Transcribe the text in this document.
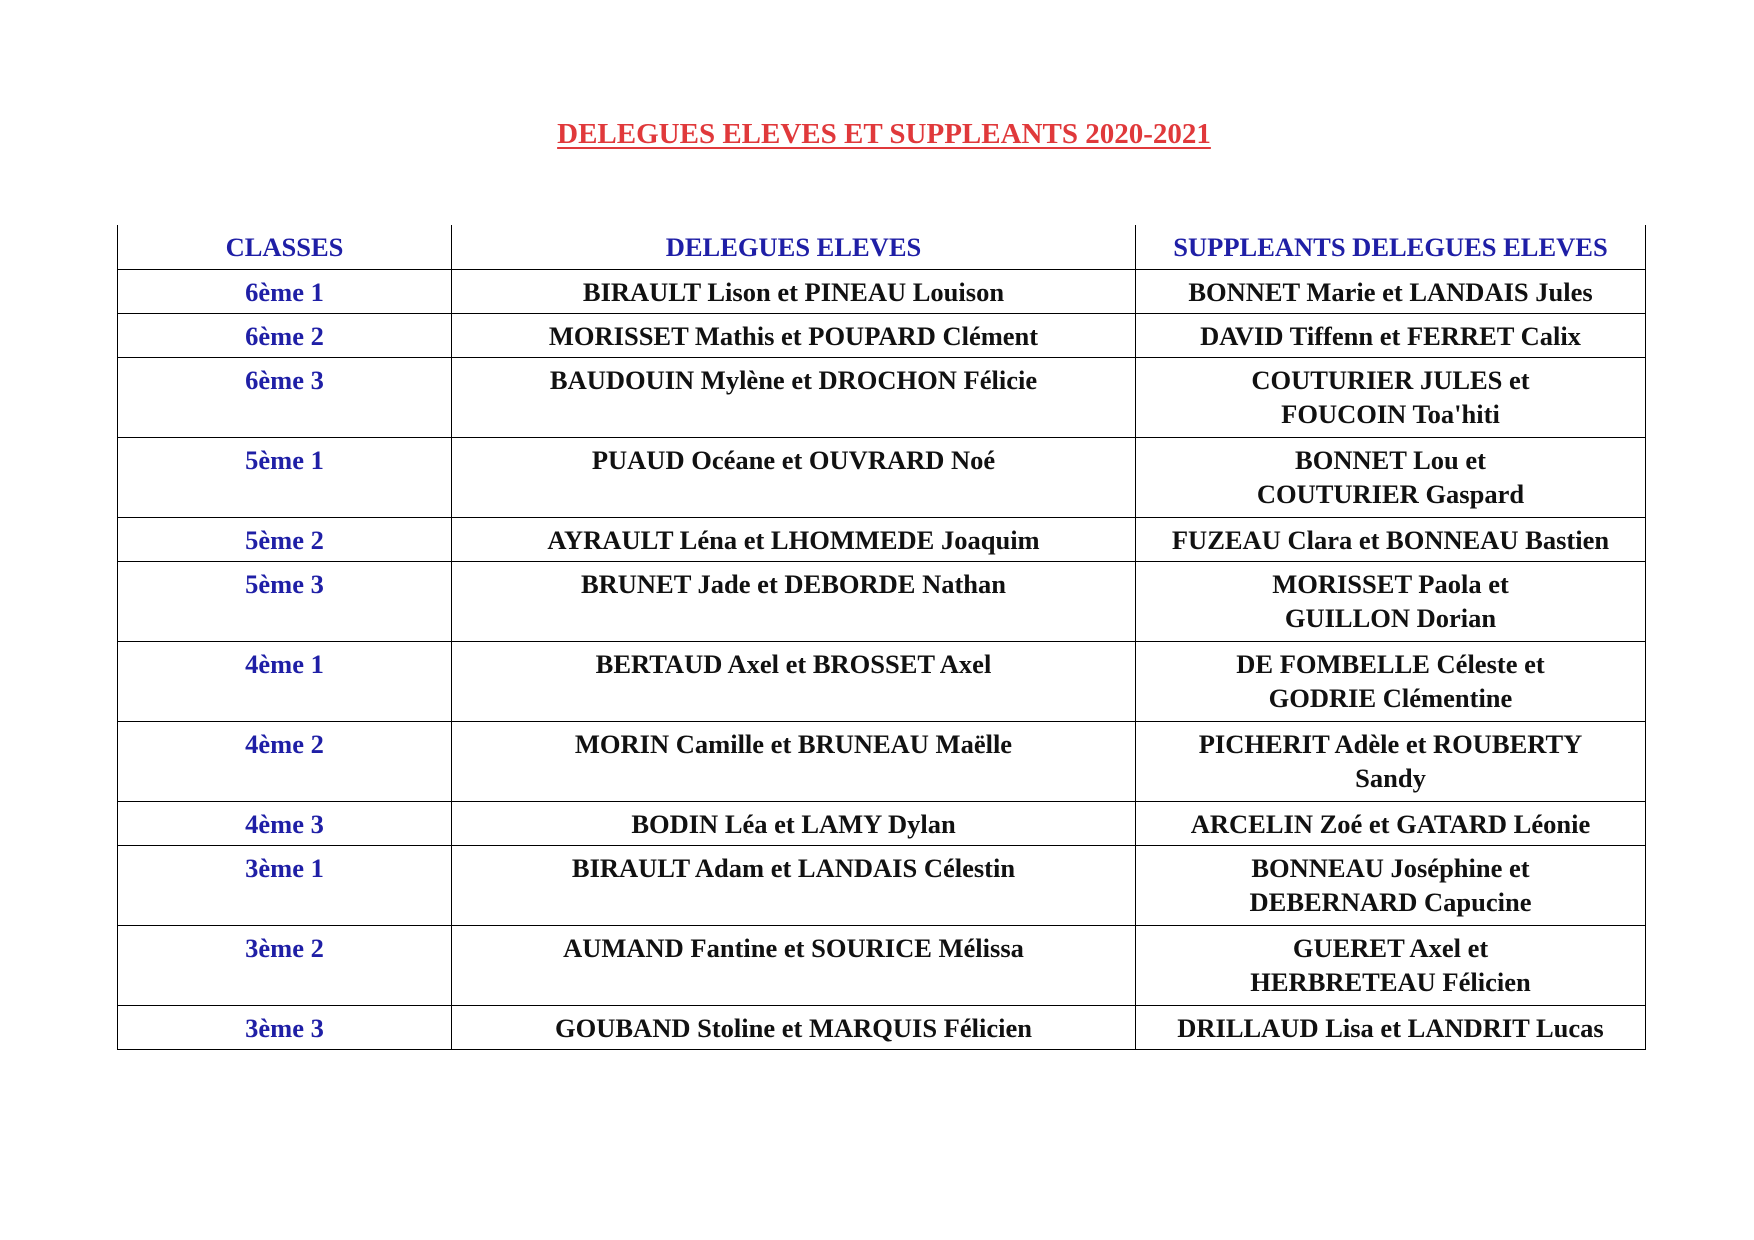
DELEGUES ELEVES ET SUPPLEANTS 2020-2021
CLASSES	DELEGUES ELEVES	SUPPLEANTS DELEGUES ELEVES
6ème 1	BIRAULT Lison et PINEAU Louison	BONNET Marie et LANDAIS Jules

6ème 2	MORISSET Mathis et POUPARD Clément	DAVID Tiffenn et FERRET Calix

6ème 3	BAUDOUIN Mylène et DROCHON Félicie	COUTURIER JULES et
FOUCOIN Toa'hiti

5ème 1	PUAUD Océane et OUVRARD Noé	BONNET Lou et
COUTURIER Gaspard

5ème 2	AYRAULT Léna et LHOMMEDE Joaquim	FUZEAU Clara et BONNEAU Bastien

5ème 3	BRUNET Jade et DEBORDE Nathan	MORISSET Paola et
GUILLON Dorian

4ème 1	BERTAUD Axel et BROSSET Axel	DE FOMBELLE Céleste et
GODRIE Clémentine

4ème 2	MORIN Camille et BRUNEAU Maëlle	PICHERIT Adèle et ROUBERTY
Sandy

4ème 3	BODIN Léa et LAMY Dylan	ARCELIN Zoé et GATARD Léonie

3ème 1	BIRAULT Adam et LANDAIS Célestin	BONNEAU Joséphine et
DEBERNARD Capucine

3ème 2	AUMAND Fantine et SOURICE Mélissa	GUERET Axel et
HERBRETEAU Félicien

3ème 3	GOUBAND Stoline et MARQUIS Félicien	DRILLAUD Lisa et LANDRIT Lucas
